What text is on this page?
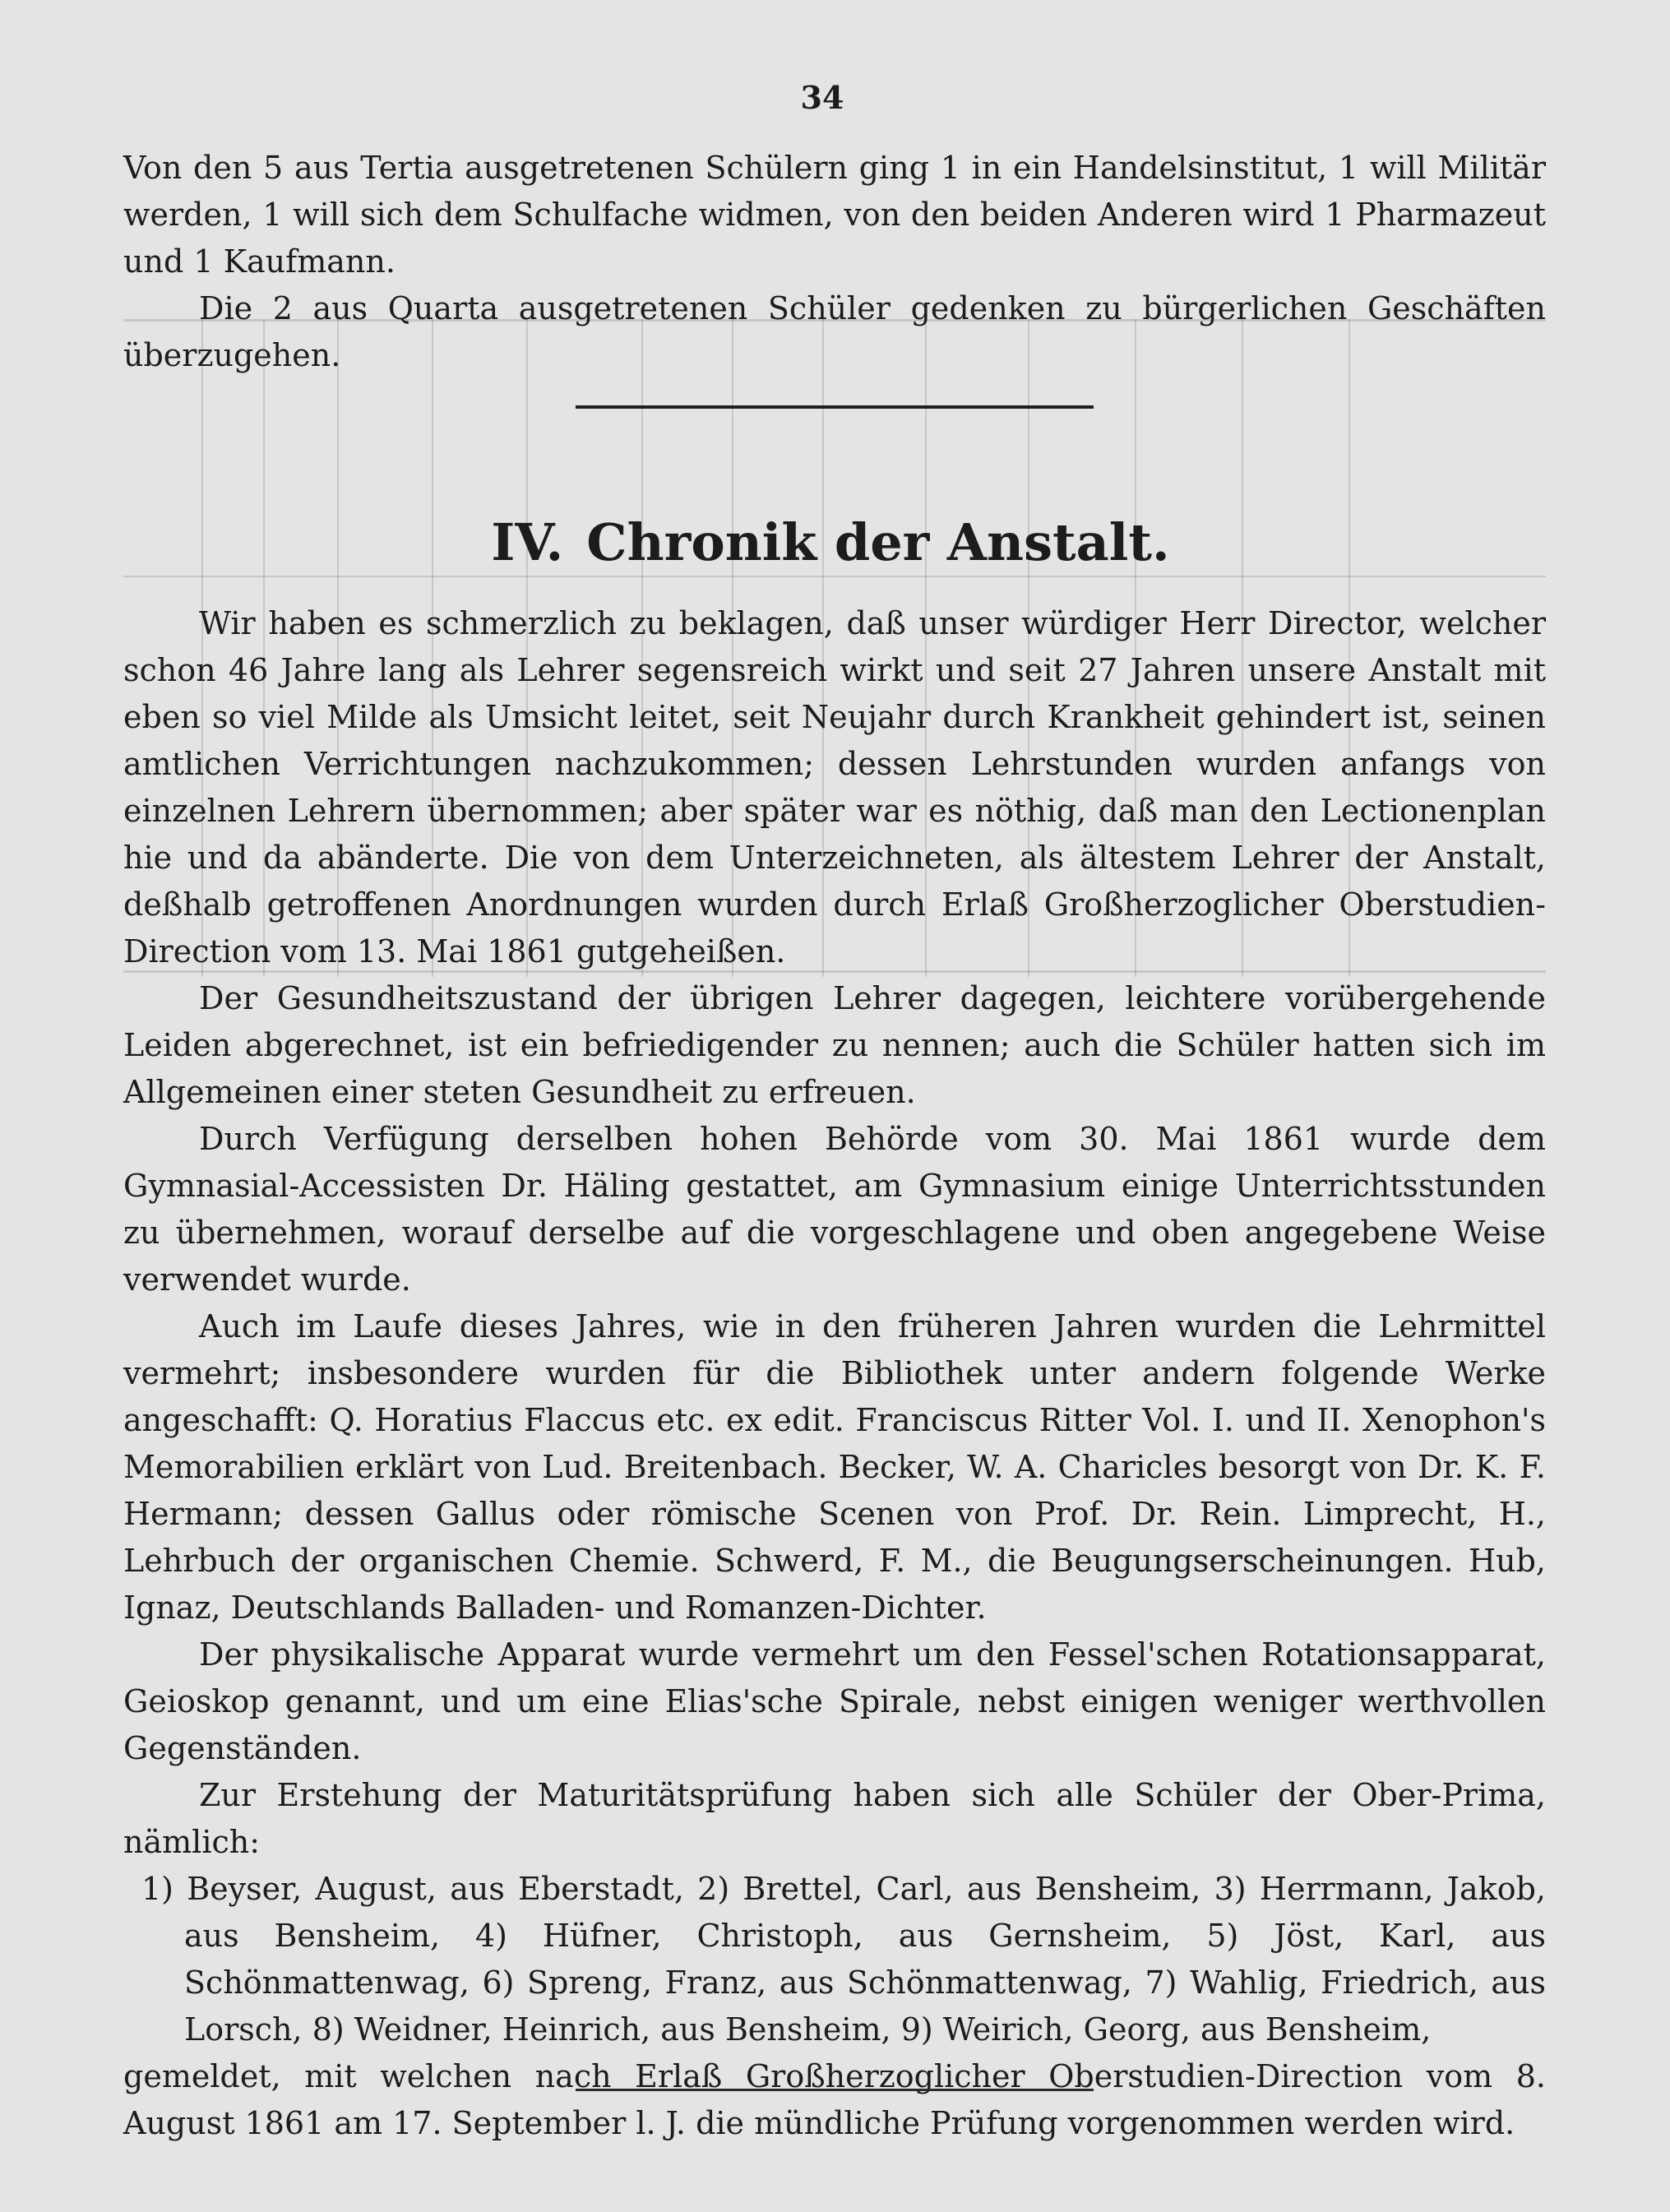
34

Von den 5 aus Tertia ausgetretenen Schülern ging 1 in ein Handelsinstitut, 1 will Militär werden, 1 will sich dem Schulfache widmen, von den beiden Anderen wird 1 Pharmazeut und 1 Kaufmann.

Die 2 aus Quarta ausgetretenen Schüler gedenken zu bürgerlichen Geschäften überzugehen.

IV. Chronik der Anstalt.

Wir haben es schmerzlich zu beklagen, daß unser würdiger Herr Director, welcher schon 46 Jahre lang als Lehrer segensreich wirkt und seit 27 Jahren unsere Anstalt mit eben so viel Milde als Umsicht leitet, seit Neujahr durch Krankheit gehindert ist, seinen amtlichen Verrichtungen nachzukommen; dessen Lehrstunden wurden anfangs von einzelnen Lehrern übernommen; aber später war es nöthig, daß man den Lectionenplan hie und da abänderte. Die von dem Unterzeichneten, als ältestem Lehrer der Anstalt, deßhalb getroffenen Anordnungen wurden durch Erlaß Großherzoglicher Oberstudien-Direction vom 13. Mai 1861 gutgeheißen.

Der Gesundheitszustand der übrigen Lehrer dagegen, leichtere vorübergehende Leiden abgerechnet, ist ein befriedigender zu nennen; auch die Schüler hatten sich im Allgemeinen einer steten Gesundheit zu erfreuen.

Durch Verfügung derselben hohen Behörde vom 30. Mai 1861 wurde dem Gymnasial-Accessisten Dr. Häling gestattet, am Gymnasium einige Unterrichtsstunden zu übernehmen, worauf derselbe auf die vorgeschlagene und oben angegebene Weise verwendet wurde.

Auch im Laufe dieses Jahres, wie in den früheren Jahren wurden die Lehrmittel vermehrt; insbesondere wurden für die Bibliothek unter andern folgende Werke angeschafft: Q. Horatius Flaccus etc. ex edit. Franciscus Ritter Vol. I. und II. Xenophon's Memorabilien erklärt von Lud. Breitenbach. Becker, W. A. Charicles besorgt von Dr. K. F. Hermann; dessen Gallus oder römische Scenen von Prof. Dr. Rein. Limprecht, H., Lehrbuch der organischen Chemie. Schwerd, F. M., die Beugungserscheinungen. Hub, Ignaz, Deutschlands Balladen- und Romanzen-Dichter.

Der physikalische Apparat wurde vermehrt um den Fessel'schen Rotationsapparat, Geioskop genannt, und um eine Elias'sche Spirale, nebst einigen weniger werthvollen Gegenständen.

Zur Erstehung der Maturitätsprüfung haben sich alle Schüler der Ober-Prima, nämlich:

1) Beyser, August, aus Eberstadt, 2) Brettel, Carl, aus Bensheim, 3) Herrmann, Jakob, aus Bensheim, 4) Hüfner, Christoph, aus Gernsheim, 5) Jöst, Karl, aus Schönmattenwag, 6) Spreng, Franz, aus Schönmattenwag, 7) Wahlig, Friedrich, aus Lorsch, 8) Weidner, Heinrich, aus Bensheim, 9) Weirich, Georg, aus Bensheim,

gemeldet, mit welchen nach Erlaß Großherzoglicher Oberstudien-Direction vom 8. August 1861 am 17. September l. J. die mündliche Prüfung vorgenommen werden wird.
